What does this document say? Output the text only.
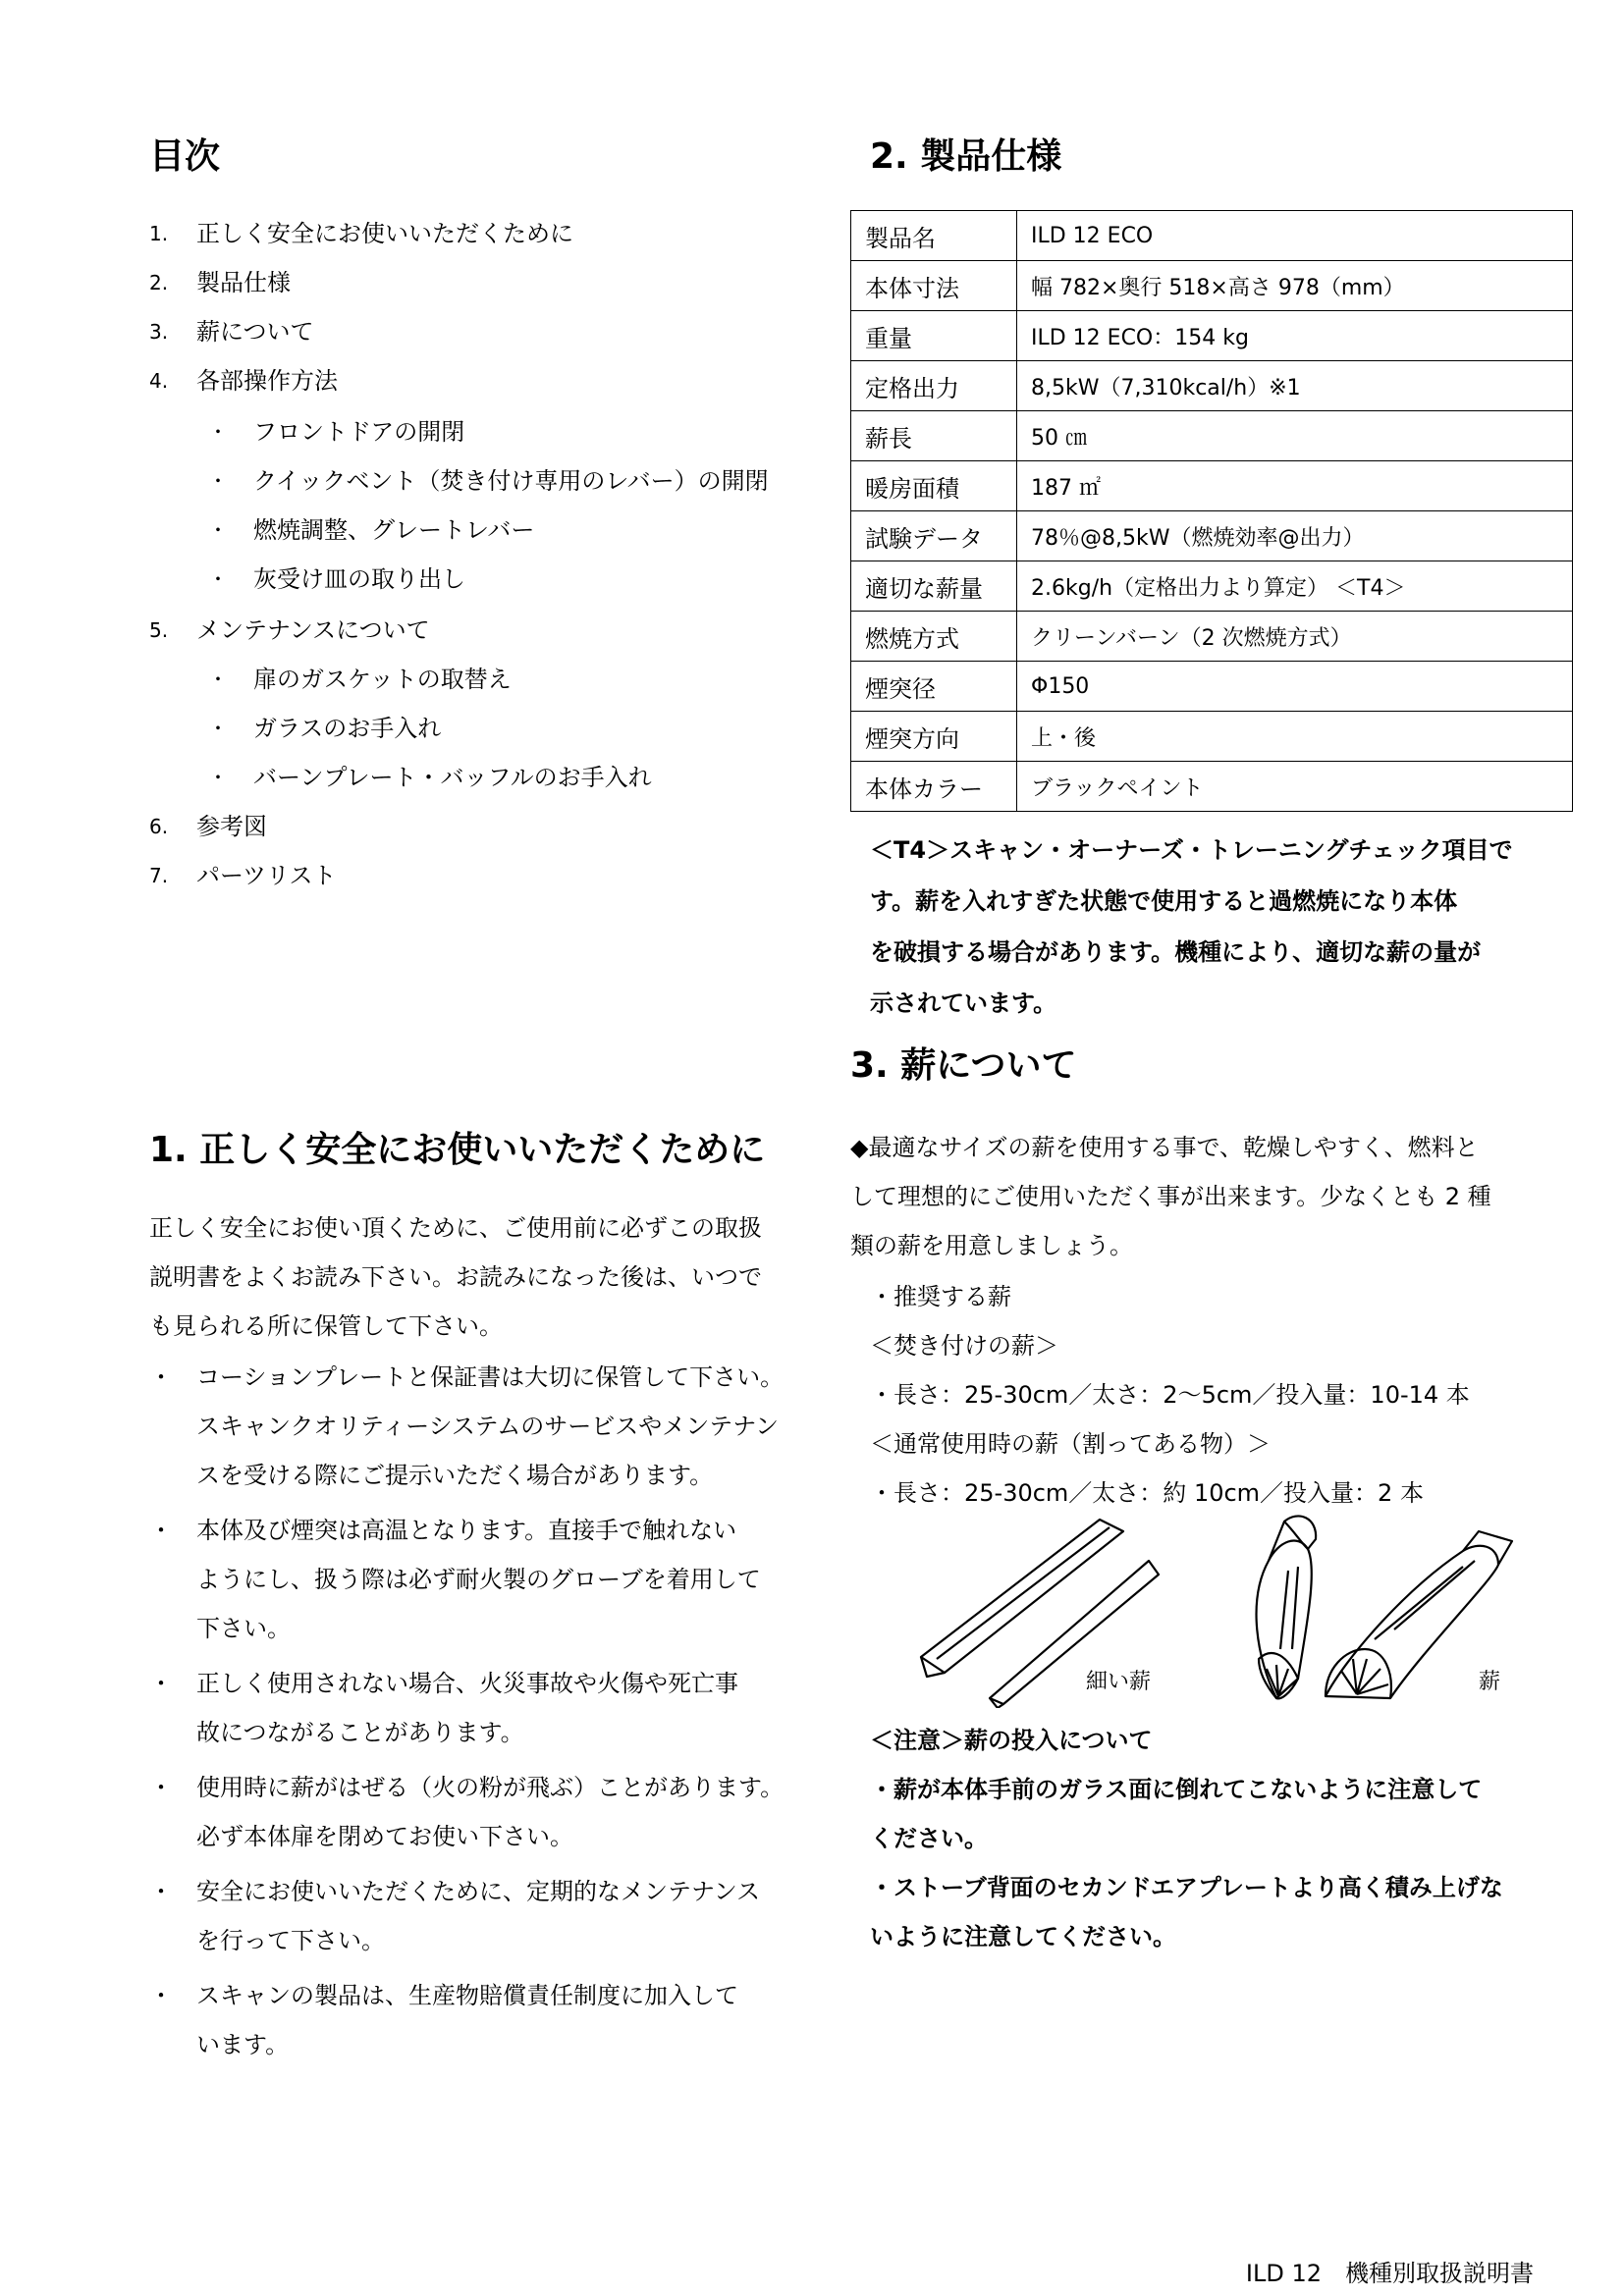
目次
1.	正しく安全にお使いいただくために
2.	製品仕様
3.	薪について
4.	各部操作方法
・	フロントドアの開閉
・	クイックベント（焚き付け専用のレバー）の開閉
・	燃焼調整、グレートレバー
・	灰受け皿の取り出し
5.	メンテナンスについて
・	扉のガスケットの取替え
・	ガラスのお手入れ
・	バーンプレート・バッフルのお手入れ
6.	参考図
7.	パーツリスト
1. 正しく安全にお使いいただくために
正しく安全にお使い頂くために、ご使用前に必ずこの取扱
説明書をよくお読み下さい。お読みになった後は、いつで
も見られる所に保管して下さい。
・ コーションプレートと保証書は大切に保管して下さい。
スキャンクオリティーシステムのサービスやメンテナン
スを受ける際にご提示いただく場合があります。
・ 本体及び煙突は高温となります。直接手で触れない
ようにし、扱う際は必ず耐火製のグローブを着用して
下さい。
・ 正しく使用されない場合、火災事故や火傷や死亡事
故につながることがあります。
・ 使用時に薪がはぜる（火の粉が飛ぶ）ことがあります。
必ず本体扉を閉めてお使い下さい。
・ 安全にお使いいただくために、定期的なメンテナンス
を行って下さい。
・ スキャンの製品は、生産物賠償責任制度に加入して
います。
2. 製品仕様
製品名	ILD 12 ECO
本体寸法	幅 782×奥行 518×高さ 978（mm）
重量	ILD 12 ECO：154 kg
定格出力	8,5kW（7,310kcal/h）※1
薪長	50 ㎝
暖房面積	187 ㎡
試験データ	78％@8,5kW（燃焼効率@出力）
適切な薪量	2.6kg/h（定格出力より算定） ＜T4＞
燃焼方式	クリーンバーン（2 次燃焼方式）
煙突径	Φ150
煙突方向	上・後
本体カラー	ブラックペイント
＜T4＞スキャン・オーナーズ・トレーニングチェック項目で
す。薪を入れすぎた状態で使用すると過燃焼になり本体
を破損する場合があります。機種により、適切な薪の量が
示されています。
3. 薪について
◆最適なサイズの薪を使用する事で、乾燥しやすく、燃料と
して理想的にご使用いただく事が出来ます。少なくとも 2 種
類の薪を用意しましょう。
・推奨する薪
＜焚き付けの薪＞
・長さ：25-30cm／太さ：2～5cm／投入量：10-14 本
＜通常使用時の薪（割ってある物）＞
・長さ：25-30cm／太さ：約 10cm／投入量：2 本
細い薪	薪
＜注意＞薪の投入について
・薪が本体手前のガラス面に倒れてこないように注意して
ください。
・ストーブ背面のセカンドエアプレートより高く積み上げな
いように注意してください。
ILD 12　機種別取扱説明書
